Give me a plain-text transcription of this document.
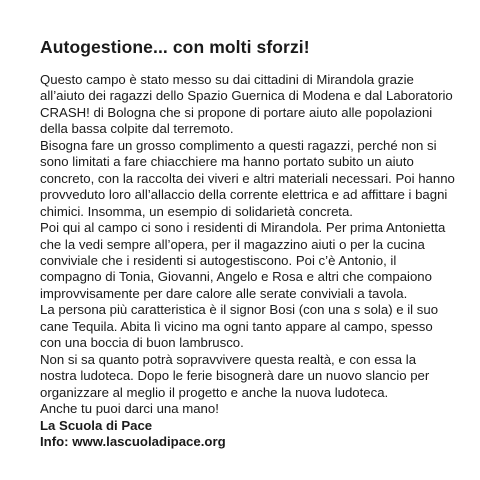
Autogestione... con molti sforzi!
Questo campo è stato messo su dai cittadini di Mirandola grazie
all’aiuto dei ragazzi dello Spazio Guernica di Modena e dal Laboratorio
CRASH! di Bologna che si propone di portare aiuto alle popolazioni
della bassa colpite dal terremoto.
Bisogna fare un grosso complimento a questi ragazzi, perché non si
sono limitati a fare chiacchiere ma hanno portato subito un aiuto
concreto, con la raccolta dei viveri e altri materiali necessari. Poi hanno
provveduto loro all’allaccio della corrente elettrica e ad affittare i bagni
chimici. Insomma, un esempio di solidarietà concreta.
Poi qui al campo ci sono i residenti di Mirandola. Per prima Antonietta
che la vedi sempre all’opera, per il magazzino aiuti o per la cucina
conviviale che i residenti si autogestiscono. Poi c’è Antonio, il
compagno di Tonia, Giovanni, Angelo e Rosa e altri che compaiono
improvvisamente per dare calore alle serate conviviali a tavola.
La persona più caratteristica è il signor Bosi (con una s sola) e il suo
cane Tequila. Abita lì vicino ma ogni tanto appare al campo, spesso
con una boccia di buon lambrusco.
Non si sa quanto potrà sopravvivere questa realtà, e con essa la
nostra ludoteca. Dopo le ferie bisognerà dare un nuovo slancio per
organizzare al meglio il progetto e anche la nuova ludoteca.
Anche tu puoi darci una mano!
La Scuola di Pace
Info: www.lascuoladipace.org
